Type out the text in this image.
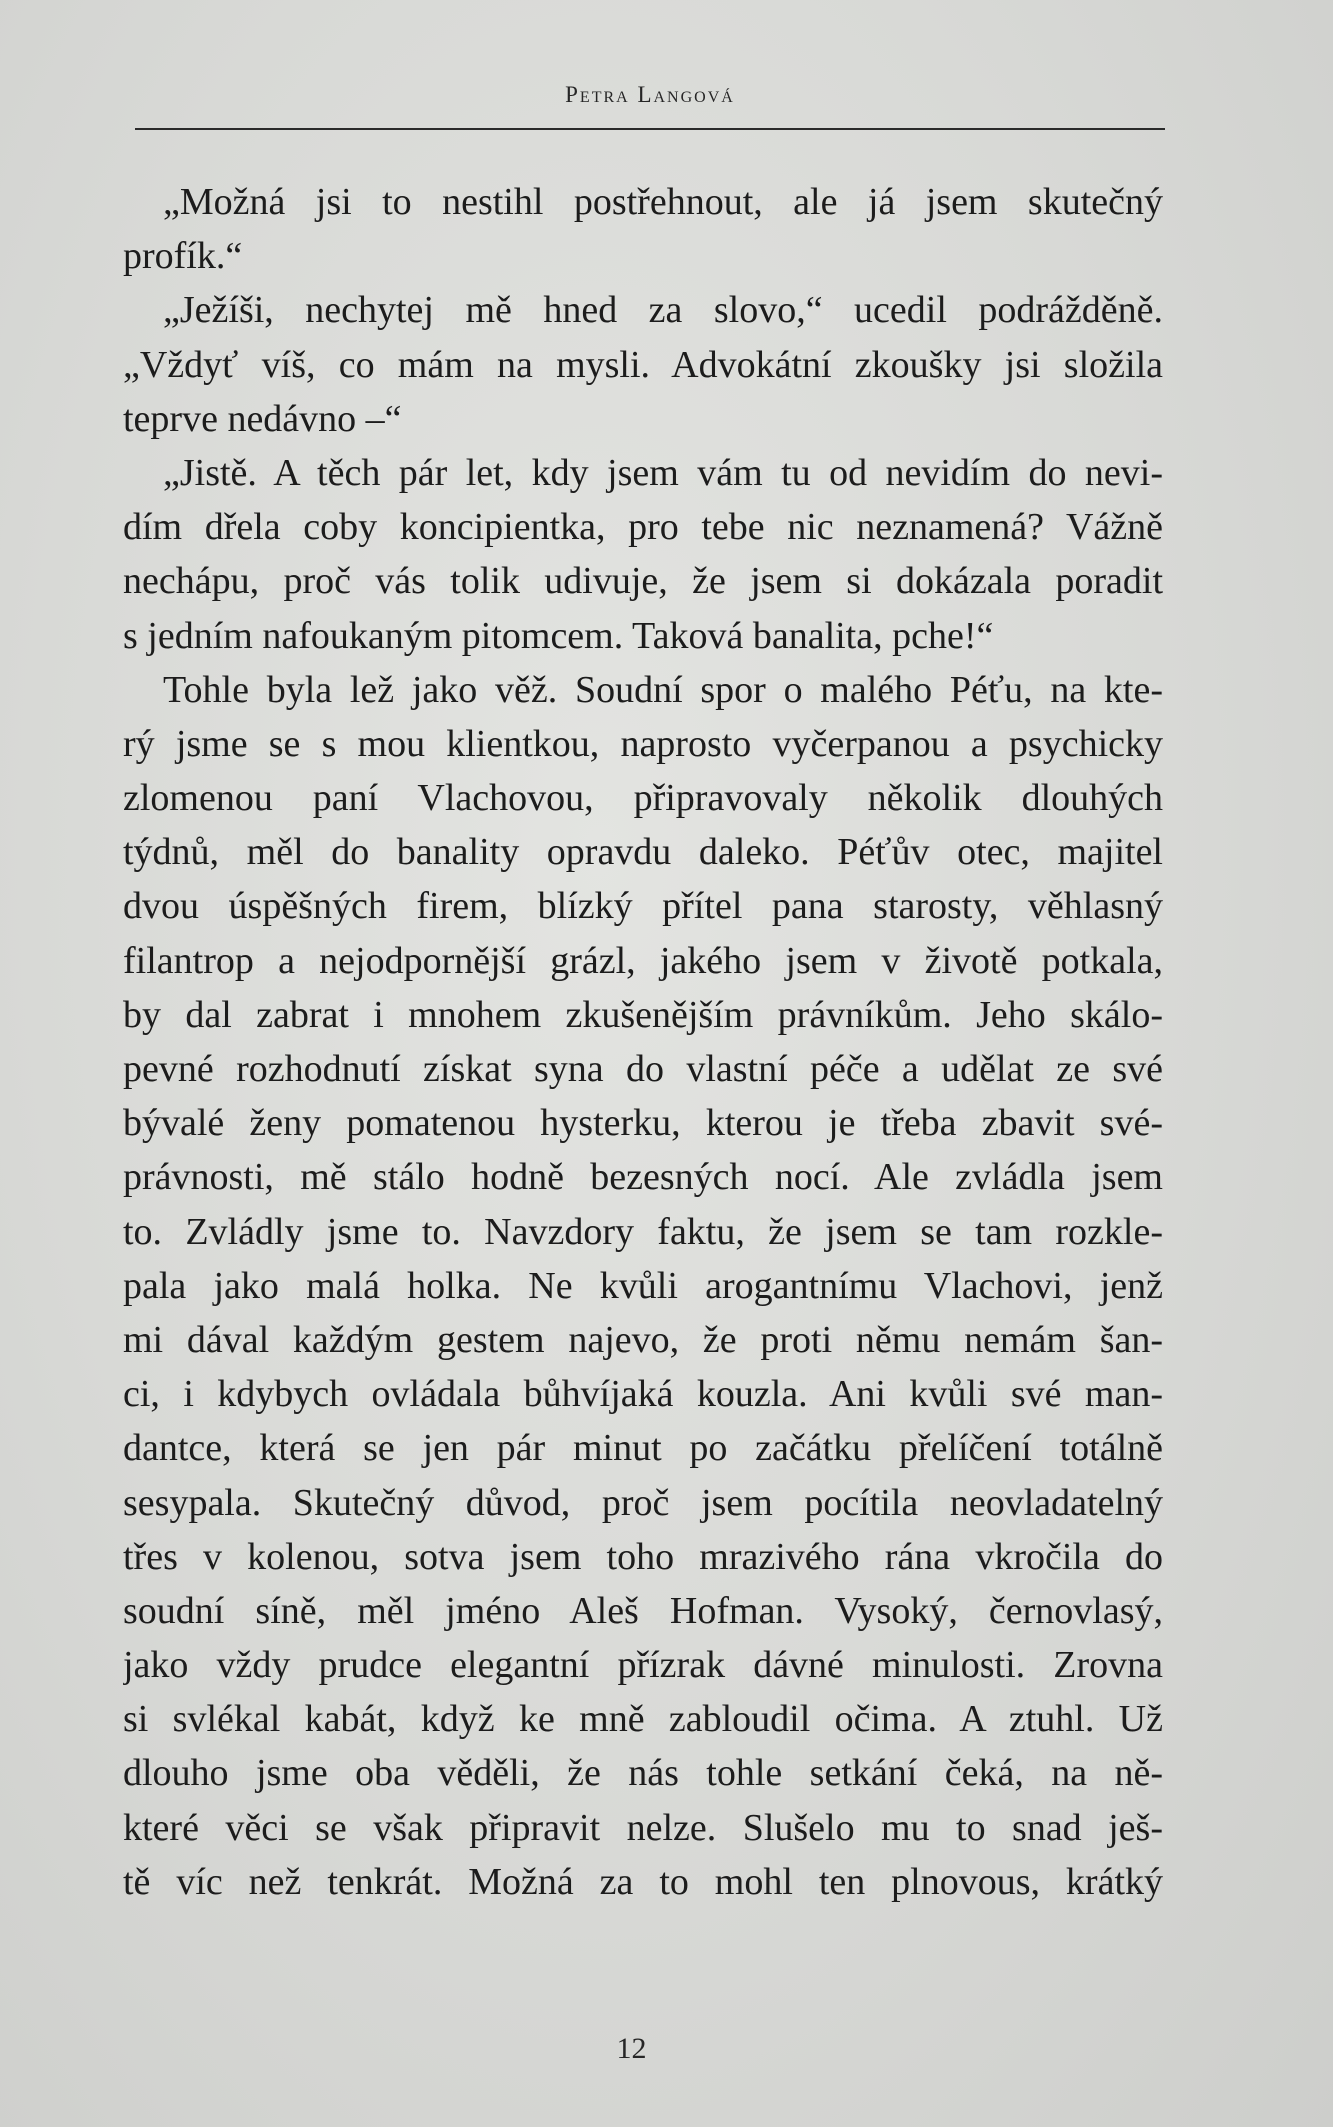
Petra Langová
„Možná jsi to nestihl postřehnout, ale já jsem skutečný
profík.“
„Ježíši, nechytej mě hned za slovo,“ ucedil podrážděně.
„Vždyť víš, co mám na mysli. Advokátní zkoušky jsi složila
teprve nedávno –“
„Jistě. A těch pár let, kdy jsem vám tu od nevidím do nevi-
dím dřela coby koncipientka, pro tebe nic neznamená? Vážně
nechápu, proč vás tolik udivuje, že jsem si dokázala poradit
s jedním nafoukaným pitomcem. Taková banalita, pche!“
Tohle byla lež jako věž. Soudní spor o malého Péťu, na kte-
rý jsme se s mou klientkou, naprosto vyčerpanou a psychicky
zlomenou paní Vlachovou, připravovaly několik dlouhých
týdnů, měl do banality opravdu daleko. Péťův otec, majitel
dvou úspěšných firem, blízký přítel pana starosty, věhlasný
filantrop a nejodpornější grázl, jakého jsem v životě potkala,
by dal zabrat i mnohem zkušenějším právníkům. Jeho skálo-
pevné rozhodnutí získat syna do vlastní péče a udělat ze své
bývalé ženy pomatenou hysterku, kterou je třeba zbavit své-
právnosti, mě stálo hodně bezesných nocí. Ale zvládla jsem
to. Zvládly jsme to. Navzdory faktu, že jsem se tam rozkle-
pala jako malá holka. Ne kvůli arogantnímu Vlachovi, jenž
mi dával každým gestem najevo, že proti němu nemám šan-
ci, i kdybych ovládala bůhvíjaká kouzla. Ani kvůli své man-
dantce, která se jen pár minut po začátku přelíčení totálně
sesypala. Skutečný důvod, proč jsem pocítila neovladatelný
třes v kolenou, sotva jsem toho mrazivého rána vkročila do
soudní síně, měl jméno Aleš Hofman. Vysoký, černovlasý,
jako vždy prudce elegantní přízrak dávné minulosti. Zrovna
si svlékal kabát, když ke mně zabloudil očima. A ztuhl. Už
dlouho jsme oba věděli, že nás tohle setkání čeká, na ně-
které věci se však připravit nelze. Slušelo mu to snad ješ-
tě víc než tenkrát. Možná za to mohl ten plnovous, krátký
12
